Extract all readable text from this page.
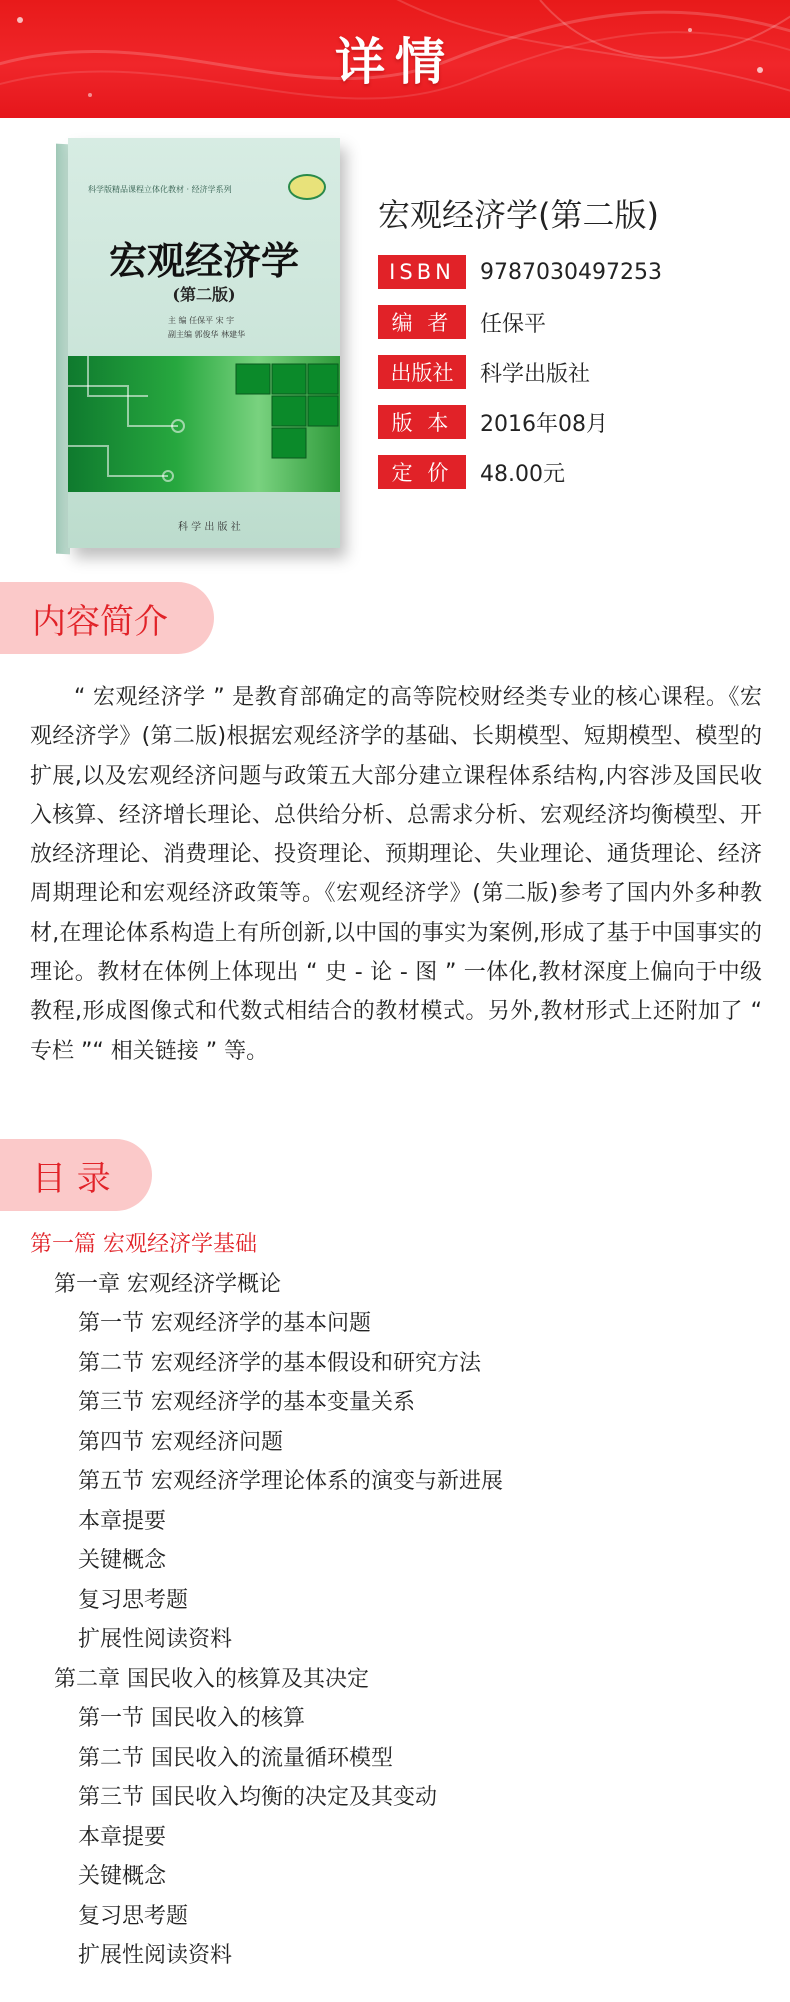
详情
科学版精品课程立体化教材 · 经济学系列
宏观经济学
(第二版)
主 编 任保平 宋 宇
副主编 郭俊华 林建华
科 学 出 版 社
宏观经济学(第二版)
ISBN	9787030497253
编 者	任保平
出版社	科学出版社
版 本	2016年08月
定 价	48.00元
内容简介
“ 宏观经济学 ” 是教育部确定的高等院校财经类专业的核心课程。《宏观经济学》(第二版)根据宏观经济学的基础、长期模型、短期模型、模型的扩展,以及宏观经济问题与政策五大部分建立课程体系结构,内容涉及国民收入核算、经济增长理论、总供给分析、总需求分析、宏观经济均衡模型、开放经济理论、消费理论、投资理论、预期理论、失业理论、通货理论、经济周期理论和宏观经济政策等。《宏观经济学》(第二版)参考了国内外多种教材,在理论体系构造上有所创新,以中国的事实为案例,形成了基于中国事实的理论。教材在体例上体现出 “ 史 - 论 - 图 ” 一体化,教材深度上偏向于中级教程,形成图像式和代数式相结合的教材模式。另外,教材形式上还附加了 “ 专栏 ”“ 相关链接 ” 等。
目 录
第一篇 宏观经济学基础
第一章 宏观经济学概论
第一节 宏观经济学的基本问题
第二节 宏观经济学的基本假设和研究方法
第三节 宏观经济学的基本变量关系
第四节 宏观经济问题
第五节 宏观经济学理论体系的演变与新进展
本章提要
关键概念
复习思考题
扩展性阅读资料
第二章 国民收入的核算及其决定
第一节 国民收入的核算
第二节 国民收入的流量循环模型
第三节 国民收入均衡的决定及其变动
本章提要
关键概念
复习思考题
扩展性阅读资料
